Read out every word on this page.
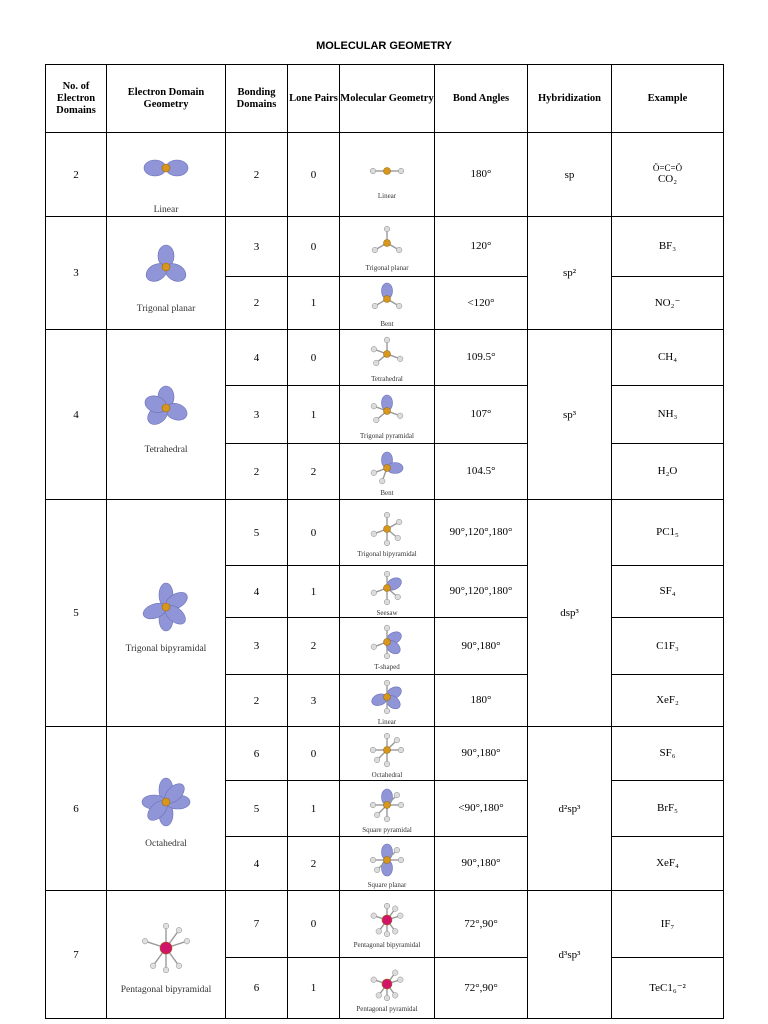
MOLECULAR GEOMETRY
No. of Electron Domains	Electron Domain Geometry	Bonding Domains	Lone Pairs	Molecular Geometry	Bond Angles	Hybridization	Example
2	Linear	2	0	Linear	180°	sp	Ö=C=Ö
CO₂

3	Trigonal planar	3	0	Trigonal planar	120°	sp²	BF₃

		2	1	Bent	<120°		NO₂⁻

4	Tetrahedral	4	0	Tetrahedral	109.5°	sp³	CH₄

		3	1	Trigonal pyramidal	107°		NH₃

		2	2	Bent	104.5°		H₂O

5	Trigonal bipyramidal	5	0	Trigonal bipyramidal	90°,120°,180°	dsp³	PC1₅

		4	1	Seesaw	90°,120°,180°		SF₄

		3	2	T-shaped	90°,180°		C1F₃

		2	3	Linear	180°		XeF₂

6	Octahedral	6	0	Octahedral	90°,180°	d²sp³	SF₆

		5	1	Square pyramidal	<90°,180°		BrF₅

		4	2	Square planar	90°,180°		XeF₄

7	Pentagonal bipyramidal	7	0	Pentagonal bipyramidal	72°,90°	d³sp³	IF₇

		6	1	Pentagonal pyramidal	72°,90°		TeC1₆⁻²
